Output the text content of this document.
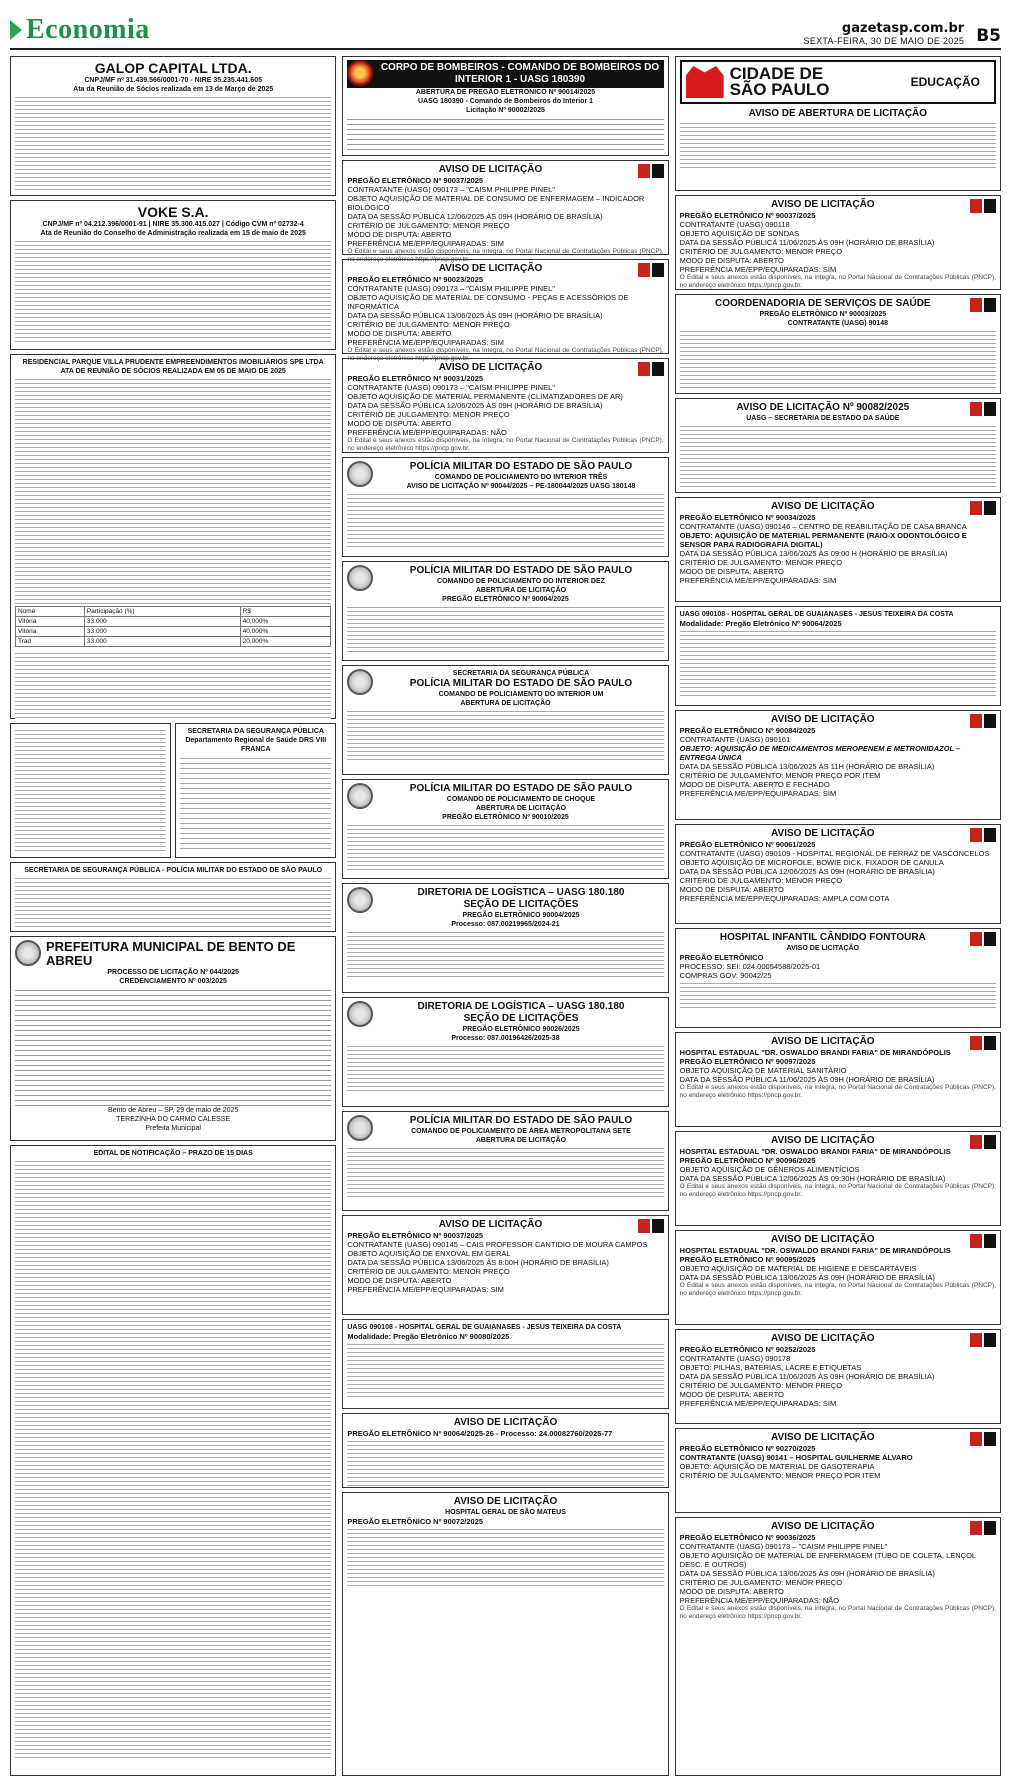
Economia	gazetasp.com.br
SEXTA-FEIRA, 30 DE MAIO DE 2025 B5
GALOP CAPITAL LTDA.
CNPJ/MF nº 31.439.566/0001-70 - NIRE 35.235.441.605
Ata da Reunião de Sócios realizada em 13 de Março de 2025
VOKE S.A.
CNPJ/MF nº 04.212.396/0001-91 | NIRE 35.300.415.027 | Código CVM nº 02732-4
Ata de Reunião do Conselho de Administração realizada em 15 de maio de 2025
RESIDENCIAL PARQUE VILLA PRUDENTE EMPREENDIMENTOS IMOBILIÁRIOS SPE LTDA
ATA DE REUNIÃO DE SÓCIOS REALIZADA EM 05 DE MAIO DE 2025
Nome	Participação (%)	R$
Vitória	33.000	40,000%
Vitória	33.000	40,000%
Trad	33.000	20,000%
SECRETARIA DA SEGURANÇA PÚBLICA
Departamento Regional de Saúde DRS VIII FRANCA
SECRETARIA DE SEGURANÇA PÚBLICA - POLÍCIA MILITAR DO ESTADO DE SÃO PAULO
PREFEITURA MUNICIPAL DE BENTO DE ABREU
PROCESSO DE LICITAÇÃO Nº 044/2025
CREDENCIAMENTO Nº 003/2025
Bento de Abreu – SP, 29 de maio de 2025
TEREZINHA DO CARMO CALESSE
Prefeita Municipal
EDITAL DE NOTIFICAÇÃO – PRAZO DE 15 DIAS
CORPO DE BOMBEIROS - COMANDO DE BOMBEIROS DO INTERIOR 1 - UASG 180390
ABERTURA DE PREGÃO ELETRÔNICO Nº 90014/2025
UASG 180390 - Comando de Bombeiros do Interior 1
Licitação Nº 90002/2025
AVISO DE LICITAÇÃO
PREGÃO ELETRÔNICO Nº 90037/2025
CONTRATANTE (UASG) 090173 – "CAISM PHILIPPE PINEL"
OBJETO AQUISIÇÃO DE MATERIAL DE CONSUMO DE ENFERMAGEM – INDICADOR BIOLÓGICO
DATA DA SESSÃO PÚBLICA 12/06/2025 ÀS 09H (HORÁRIO DE BRASÍLIA)
CRITÉRIO DE JULGAMENTO: MENOR PREÇO
MODO DE DISPUTA: ABERTO
PREFERÊNCIA ME/EPP/EQUIPARADAS: SIM
O Edital e seus anexos estão disponíveis, na íntegra, no Portal Nacional de Contratações Públicas (PNCP), no endereço eletrônico https://pncp.gov.br.
AVISO DE LICITAÇÃO
PREGÃO ELETRÔNICO Nº 90023/2025
CONTRATANTE (UASG) 090173 – "CAISM PHILIPPE PINEL"
OBJETO AQUISIÇÃO DE MATERIAL DE CONSUMO - PEÇAS E ACESSÓRIOS DE INFORMÁTICA
DATA DA SESSÃO PÚBLICA 13/06/2025 ÀS 09H (HORÁRIO DE BRASÍLIA)
CRITÉRIO DE JULGAMENTO: MENOR PREÇO
MODO DE DISPUTA: ABERTO
PREFERÊNCIA ME/EPP/EQUIPARADAS: SIM
O Edital e seus anexos estão disponíveis, na íntegra, no Portal Nacional de Contratações Públicas (PNCP), no endereço eletrônico https://pncp.gov.br.
AVISO DE LICITAÇÃO
PREGÃO ELETRÔNICO Nº 90031/2025
CONTRATANTE (UASG) 090173 – "CAISM PHILIPPE PINEL"
OBJETO AQUISIÇÃO DE MATERIAL PERMANENTE (CLIMATIZADORES DE AR)
DATA DA SESSÃO PÚBLICA 12/06/2025 ÀS 09H (HORÁRIO DE BRASÍLIA)
CRITÉRIO DE JULGAMENTO: MENOR PREÇO
MODO DE DISPUTA: ABERTO
PREFERÊNCIA ME/EPP/EQUIPARADAS: NÃO
O Edital e seus anexos estão disponíveis, na íntegra, no Portal Nacional de Contratações Públicas (PNCP), no endereço eletrônico https://pncp.gov.br.
POLÍCIA MILITAR DO ESTADO DE SÃO PAULO
COMANDO DE POLICIAMENTO DO INTERIOR TRÊS
AVISO DE LICITAÇÃO Nº 90044/2025 – PE-180044/2025 UASG 180148
POLÍCIA MILITAR DO ESTADO DE SÃO PAULO
COMANDO DE POLICIAMENTO DO INTERIOR DEZ
ABERTURA DE LICITAÇÃO
PREGÃO ELETRÔNICO Nº 90004/2025
SECRETARIA DA SEGURANÇA PÚBLICA
POLÍCIA MILITAR DO ESTADO DE SÃO PAULO
COMANDO DE POLICIAMENTO DO INTERIOR UM
ABERTURA DE LICITAÇÃO
POLÍCIA MILITAR DO ESTADO DE SÃO PAULO
COMANDO DE POLICIAMENTO DE CHOQUE
ABERTURA DE LICITAÇÃO
PREGÃO ELETRÔNICO Nº 90010/2025
DIRETORIA DE LOGÍSTICA – UASG 180.180
SEÇÃO DE LICITAÇÕES
PREGÃO ELETRÔNICO 90004/2025
Processo: 087.00219965/2024-21
DIRETORIA DE LOGÍSTICA – UASG 180.180
SEÇÃO DE LICITAÇÕES
PREGÃO ELETRÔNICO 90026/2025
Processo: 087.00196426/2025-38
POLÍCIA MILITAR DO ESTADO DE SÃO PAULO
COMANDO DE POLICIAMENTO DE ÁREA METROPOLITANA SETE
ABERTURA DE LICITAÇÃO
AVISO DE LICITAÇÃO
PREGÃO ELETRÔNICO Nº 90037/2025
CONTRATANTE (UASG) 090145 – CAIS PROFESSOR CANTIDIO DE MOURA CAMPOS
OBJETO AQUISIÇÃO DE ENXOVAL EM GERAL
DATA DA SESSÃO PÚBLICA 13/06/2025 ÀS 8:00H (HORÁRIO DE BRASÍLIA)
CRITÉRIO DE JULGAMENTO: MENOR PREÇO
MODO DE DISPUTA: ABERTO
PREFERÊNCIA ME/EPP/EQUIPARADAS: SIM
UASG 090108 - HOSPITAL GERAL DE GUAIANASES - JESUS TEIXEIRA DA COSTA
Modalidade: Pregão Eletrônico Nº 90080/2025
AVISO DE LICITAÇÃO
PREGÃO ELETRÔNICO Nº 90064/2025-26 - Processo: 24.00082760/2025-77
AVISO DE LICITAÇÃO
HOSPITAL GERAL DE SÃO MATEUS
PREGÃO ELETRÔNICO Nº 90072/2025
CIDADE DE
SÃO PAULO	EDUCAÇÃO
AVISO DE ABERTURA DE LICITAÇÃO
AVISO DE LICITAÇÃO
PREGÃO ELETRÔNICO Nº 90037/2025
CONTRATANTE (UASG) 090118
OBJETO AQUISIÇÃO DE SONDAS
DATA DA SESSÃO PÚBLICA 11/06/2025 ÀS 09H (HORÁRIO DE BRASÍLIA)
CRITÉRIO DE JULGAMENTO: MENOR PREÇO
MODO DE DISPUTA: ABERTO
PREFERÊNCIA ME/EPP/EQUIPARADAS: SIM
O Edital e seus anexos estão disponíveis, na íntegra, no Portal Nacional de Contratações Públicas (PNCP), no endereço eletrônico https://pncp.gov.br.
COORDENADORIA DE SERVIÇOS DE SAÚDE
PREGÃO ELETRÔNICO Nº 90003/2025
CONTRATANTE (UASG) 90148
AVISO DE LICITAÇÃO Nº 90082/2025
UASG – SECRETARIA DE ESTADO DA SAÚDE
AVISO DE LICITAÇÃO
PREGÃO ELETRÔNICO Nº 90034/2025
CONTRATANTE (UASG) 090146 – CENTRO DE REABILITAÇÃO DE CASA BRANCA
OBJETO: AQUISIÇÃO DE MATERIAL PERMANENTE (RAIO-X ODONTOLÓGICO E SENSOR PARA RADIOGRAFIA DIGITAL)
DATA DA SESSÃO PÚBLICA 13/06/2025 ÀS 09:00 H (HORÁRIO DE BRASÍLIA)
CRITÉRIO DE JULGAMENTO: MENOR PREÇO
MODO DE DISPUTA: ABERTO
PREFERÊNCIA ME/EPP/EQUIPARADAS: SIM
UASG 090108 - HOSPITAL GERAL DE GUAIANASES - JESUS TEIXEIRA DA COSTA
Modalidade: Pregão Eletrônico Nº 90064/2025
AVISO DE LICITAÇÃO
PREGÃO ELETRÔNICO Nº 90084/2025
CONTRATANTE (UASG) 090161
OBJETO: AQUISIÇÃO DE MEDICAMENTOS MEROPENEM E METRONIDAZOL – ENTREGA ÚNICA
DATA DA SESSÃO PÚBLICA 13/06/2025 ÀS 11H (HORÁRIO DE BRASÍLIA)
CRITÉRIO DE JULGAMENTO: MENOR PREÇO POR ITEM
MODO DE DISPUTA: ABERTO E FECHADO
PREFERÊNCIA ME/EPP/EQUIPARADAS: SIM
AVISO DE LICITAÇÃO
PREGÃO ELETRÔNICO Nº 90061/2025
CONTRATANTE (UASG) 090109 - HOSPITAL REGIONAL DE FERRAZ DE VASCONCELOS
OBJETO AQUISIÇÃO DE MICROFOLE, BOWIE DICK, FIXADOR DE CANULA
DATA DA SESSÃO PÚBLICA 12/06/2025 ÀS 09H (HORÁRIO DE BRASÍLIA)
CRITÉRIO DE JULGAMENTO: MENOR PREÇO
MODO DE DISPUTA: ABERTO
PREFERÊNCIA ME/EPP/EQUIPARADAS: AMPLA COM COTA
HOSPITAL INFANTIL CÂNDIDO FONTOURA
AVISO DE LICITAÇÃO
PREGÃO ELETRÔNICO
PROCESSO: SEI: 024.00054588/2025-01
COMPRAS GOV: 90042/25
AVISO DE LICITAÇÃO
HOSPITAL ESTADUAL "DR. OSWALDO BRANDI FARIA" DE MIRANDÓPOLIS
PREGÃO ELETRÔNICO Nº 90097/2025
OBJETO AQUISIÇÃO DE MATERIAL SANITÁRIO
DATA DA SESSÃO PÚBLICA 11/06/2025 ÀS 09H (HORÁRIO DE BRASÍLIA)
O Edital e seus anexos estão disponíveis, na íntegra, no Portal Nacional de Contratações Públicas (PNCP), no endereço eletrônico https://pncp.gov.br.
AVISO DE LICITAÇÃO
HOSPITAL ESTADUAL "DR. OSWALDO BRANDI FARIA" DE MIRANDÓPOLIS
PREGÃO ELETRÔNICO Nº 90096/2025
OBJETO AQUISIÇÃO DE GÊNEROS ALIMENTÍCIOS
DATA DA SESSÃO PÚBLICA 12/06/2025 ÀS 09:30H (HORÁRIO DE BRASÍLIA)
O Edital e seus anexos estão disponíveis, na íntegra, no Portal Nacional de Contratações Públicas (PNCP), no endereço eletrônico https://pncp.gov.br.
AVISO DE LICITAÇÃO
HOSPITAL ESTADUAL "DR. OSWALDO BRANDI FARIA" DE MIRANDÓPOLIS
PREGÃO ELETRÔNICO Nº 90095/2025
OBJETO AQUISIÇÃO DE MATERIAL DE HIGIENE E DESCARTÁVEIS
DATA DA SESSÃO PÚBLICA 13/06/2025 ÀS 09H (HORÁRIO DE BRASÍLIA)
O Edital e seus anexos estão disponíveis, na íntegra, no Portal Nacional de Contratações Públicas (PNCP), no endereço eletrônico https://pncp.gov.br.
AVISO DE LICITAÇÃO
PREGÃO ELETRÔNICO Nº 90252/2025
CONTRATANTE (UASG) 090178
OBJETO: PILHAS, BATERIAS, LACRE E ETIQUETAS
DATA DA SESSÃO PÚBLICA 11/06/2025 ÀS 09H (HORÁRIO DE BRASÍLIA)
CRITÉRIO DE JULGAMENTO: MENOR PREÇO
MODO DE DISPUTA: ABERTO
PREFERÊNCIA ME/EPP/EQUIPARADAS: SIM
AVISO DE LICITAÇÃO
PREGÃO ELETRÔNICO Nº 90270/2025
CONTRATANTE (UASG) 90141 – HOSPITAL GUILHERME ÁLVARO
OBJETO: AQUISIÇÃO DE MATERIAL DE GASOTERAPIA
CRITÉRIO DE JULGAMENTO: MENOR PREÇO POR ITEM
AVISO DE LICITAÇÃO
PREGÃO ELETRÔNICO Nº 90036/2025
CONTRATANTE (UASG) 090173 – "CAISM PHILIPPE PINEL"
OBJETO AQUISIÇÃO DE MATERIAL DE ENFERMAGEM (TUBO DE COLETA, LENÇOL DESC. E OUTROS)
DATA DA SESSÃO PÚBLICA 13/06/2025 ÀS 09H (HORÁRIO DE BRASÍLIA)
CRITÉRIO DE JULGAMENTO: MENOR PREÇO
MODO DE DISPUTA: ABERTO
PREFERÊNCIA ME/EPP/EQUIPARADAS: NÃO
O Edital e seus anexos estão disponíveis, na íntegra, no Portal Nacional de Contratações Públicas (PNCP), no endereço eletrônico https://pncp.gov.br.
